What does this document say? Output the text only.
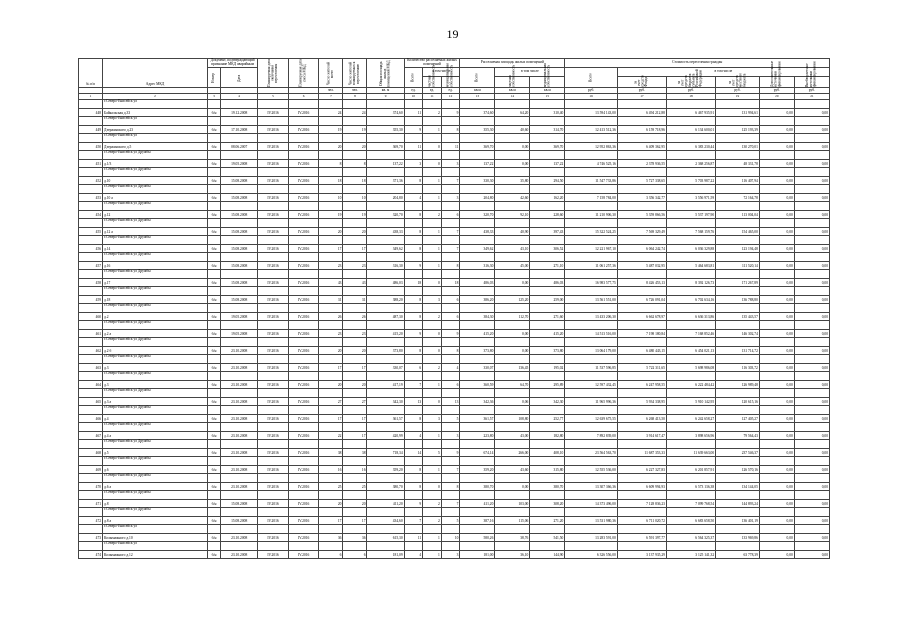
19
№ п/п	Адрес МКД	Документ, подтверждающий признание МКД аварийным		Планируемая дата окончания переселения	Планируемая дата сноса МКД	Число жителей всего	Число жителей планируемых к переселению	Общая площадь жилых помещений МКД	Количество расселяемых жилых помещений			Расселяемая площадь жилых помещений			Стоимость переселения граждан					
		Номер	Дата						Всего	в том числе		Всего	в том числе		Всего	в том числе				
										частная собственность	муниципальная собственность		частная собственность	муниципальная собственность		за счет средств Фонда	за счет средств бюджета субъекта Российской Федерации	за счет средств местного бюджета	Дополнительные источники финансирования	Внебюджетные источники финансирования
						чел.	чел.	кв. м	ед.	ед.	ед.	кв.м	кв.м	кв.м	руб.	руб.	руб.	руб.	руб.	руб.
1	2	3	4	5	6	7	8	9	10	11	12	13	14	15	16	17	18	19	20	21
	г.Северо-Енисейск ул																			
448	Байкальская д.33	б/н	19.12.2008	IV.2016	IV.2016	24	24	374,60	11	2	9	374,60	64,20	310,40	13 594 143,00	6 494 212,88	6 467 935,91	131 994,61	0,00	0,00
	г.Северо-Енисейск ул																			
449	Дзержинского д.23	б/н	17.10.2008	IV.2016	IV.2016	19	19	355,30	9	1	8	355,30	40,60	314,70	12 413 512,36	6 159 718,96	6 134 600,01	125 193,39	0,00	0,00
	г.Северо-Енисейск ул																			
450	Дзержинского д.5	б/н	08.06.2007	IV.2016	IV.2016	20	20	369,70	11	0	11	369,70	0,00	369,70	12 952 863,36	6 409 362,95	6 383 230,44	130 270,01	0,00	0,00
	г.Северо-Енисейск ул Дружбы																			
451	д.1/3	б/н	19.05.2008	IV.2016	IV.2016	8	8	137,22	3	0	3	137,22	0,00	137,22	4 746 525,16	2 378 936,55	2 368 256,87	48 331,78	0,00	0,00
	г.Северо-Енисейск ул Дружбы																			
452	д.10	б/н	15.08.2008	IV.2016	IV.2016	18	18	371,36	8	1	7	330,30	35,80	294,50	11 547 733,86	5 727 338,65	5 703 987,22	116 407,94	0,00	0,00
	г.Северо-Енисейск ул Дружбы																			
453	д.10 а	б/н	15.08.2008	IV.2016	IV.2016	10	10	204,80	4	1	3	204,80	42,60	162,20	7 158 784,00	3 356 342,77	3 556 971,59	72 164,78	0,00	0,00
	г.Северо-Енисейск ул Дружбы																			
454	д.12	б/н	15.08.2008	IV.2016	IV.2016	19	19	320,70	8	2	6	320,70	92,10	228,60	11 210 906,30	5 359 866,56	5 537 197,90	113 004,04	0,00	0,00
	г.Северо-Енисейск ул Дружбы																			
455	д.12 а	б/н	15.08.2008	IV.2016	IV.2016	20	20	438,33	8	1	7	438,33	40,90	397,43	15 322 524,25	7 569 329,49	7 568 159,76	154 465,00	0,00	0,00
	г.Северо-Енисейск ул Дружбы																			
456	д.14	б/н	15.08.2008	IV.2016	IV.2016	17	17	349,62	8	1	7	349,62	43,10	306,52	12 221 967,10	6 064 242,74	6 036 329,88	123 194,48	0,00	0,00
	г.Северо-Енисейск ул Дружбы																			
457	д.16	б/н	15.08.2008	IV.2016	IV.2016	23	23	316,30	9	1	8	316,30	45,00	271,10	11 061 257,36	5 487 032,95	5 464 683,81	111 520,14	0,00	0,00
	г.Северо-Енисейск ул Дружбы																			
458	д.17	б/н	15.08.2008	IV.2016	IV.2016	43	43	486,03	18	0	18	486,03	0,00	486,03	16 983 577,75	8 426 453,13	8 392 126,73	171 267,89	0,00	0,00
	г.Северо-Енисейск ул Дружбы																			
459	д.18	б/н	15.08.2008	IV.2016	IV.2016	31	31	388,20	8	3	6	386,20	125,20	259,00	13 561 551,00	6 726 091,04	6 702 634,16	136 788,80	0,00	0,00
	г.Северо-Енисейск ул Дружбы																			
460	д.2	б/н	19.05.2008	IV.2016	IV.2016	26	26	487,30	8	2	6	384,30	112,70	271,60	13 433 206,30	6 662 678,97	6 636 313,86	135 443,57	0,00	0,00
	г.Северо-Енисейск ул Дружбы																			
461	д.2 а	б/н	19.05.2008	IV.2016	IV.2016	23	23	415,20	9	0	9	415,20	0,00	415,20	14 513 516,00	7 198 180,84	7 168 852,46	146 302,74	0,00	0,00
	г.Северо-Енисейск ул Дружбы																			
462	д.2 б	б/н	23.10.2008	IV.2016	IV.2016	20	20	373,80	8	0	8	373,80	0,00	373,80	13 064 179,00	6 480 443,15	6 454 021,13	131 714,72	0,00	0,00
	г.Северо-Енисейск ул Дружбы																			
463	д.3	б/н	23.10.2008	IV.2016	IV.2016	17	17	330,07	6	2	4	330,07	136,45	195,02	11 537 596,85	5 722 311,65	5 698 986,08	116 303,72	0,00	0,00
	г.Северо-Енисейск ул Дружбы																			
464	д.3	б/н	23.10.2008	IV.2016	IV.2016	20	20	417,19	7	1	6	360,59	64,70	295,89	12 597 432,45	6 247 958,55	6 222 484,42	126 989,48	0,00	0,00
	г.Северо-Енисейск ул Дружбы																			
465	д.3 а	б/н	23.10.2008	IV.2016	IV.2016	27	27	342,30	13	0	13	342,36	0,06	342,30	11 965 996,36	5 934 338,95	5 910 142,95	120 615,16	0,00	0,00
	г.Северо-Енисейск ул Дружбы																			
466	д.4	б/н	23.10.2008	IV.2016	IV.2016	17	17	361,57	8	3	5	361,57	108,80	252,77	12 639 675,55	6 268 413,50	6 242 658,27	127 405,27	0,00	0,00
	г.Северо-Енисейск ул Дружбы																			
467	д.4 а	б/н	23.10.2008	IV.2016	IV.2016	22	17	420,99	4	1	3	223,80	43,00	182,80	7 892 839,00	3 914 617,47	3 898 656,96	79 564,43	0,00	0,00
	г.Северо-Енисейск ул Дружбы																			
468	д.5	б/н	23.10.2008	IV.2016	IV.2016	38	38	718,34	14	5	9	674,14	266,00	408,10	23 564 563,70	11 687 353,33	11 639 663,00	237 546,37	0,00	0,00
	г.Северо-Енисейск ул Дружбы																			
469	д.6	б/н	23.10.2008	IV.2016	IV.2016	16	16	359,20	8	1	7	359,20	43,60	315,80	12 555 536,00	6 227 327,83	6 201 857,91	126 570,16	0,00	0,00
	г.Северо-Енисейск ул Дружбы																			
470	д.6 а	б/н	23.10.2008	IV.2016	IV.2016	25	25	380,70	8	0	8	380,70	0,00	380,70	13 307 366,36	6 609 994,93	6 573 136,38	134 144,05	0,00	0,00
	г.Северо-Енисейск ул Дружбы																			
471	д.8	б/н	15.08.2008	IV.2016	IV.2016	20	20	411,20	9	2	7	411,20	103,00	308,20	14 373 496,00	7 128 836,23	7 099 768,54	144 893,24	0,00	0,00
	г.Северо-Енисейск ул Дружбы																			
472	д.8 а	б/н	15.08.2008	IV.2016	IV.2016	17	17	434,60	7	2	5	387,16	115,06	271,20	13 531 980,36	6 711 020,72	6 683 658,50	136 401,19	0,00	0,00
	г.Северо-Енисейск ул																			
473	Колымажного д.10	б/н	23.10.2008	IV.2016	IV.2016	36	36	615,30	11	1	10	580,26	38,76	541,50	13 283 591,00	6 591 397,77	6 564 325,37	133 969,86	0,00	0,00
	г.Северо-Енисейск ул																			
474	Колымажного д.12	б/н	23.10.2008	IV.2016	IV.2016	6	6	181,09	4	1	3	181,00	36,10	144,90	6 326 556,00	3 137 935,29	3 125 141,32	63 778,39	0,00	0,00
